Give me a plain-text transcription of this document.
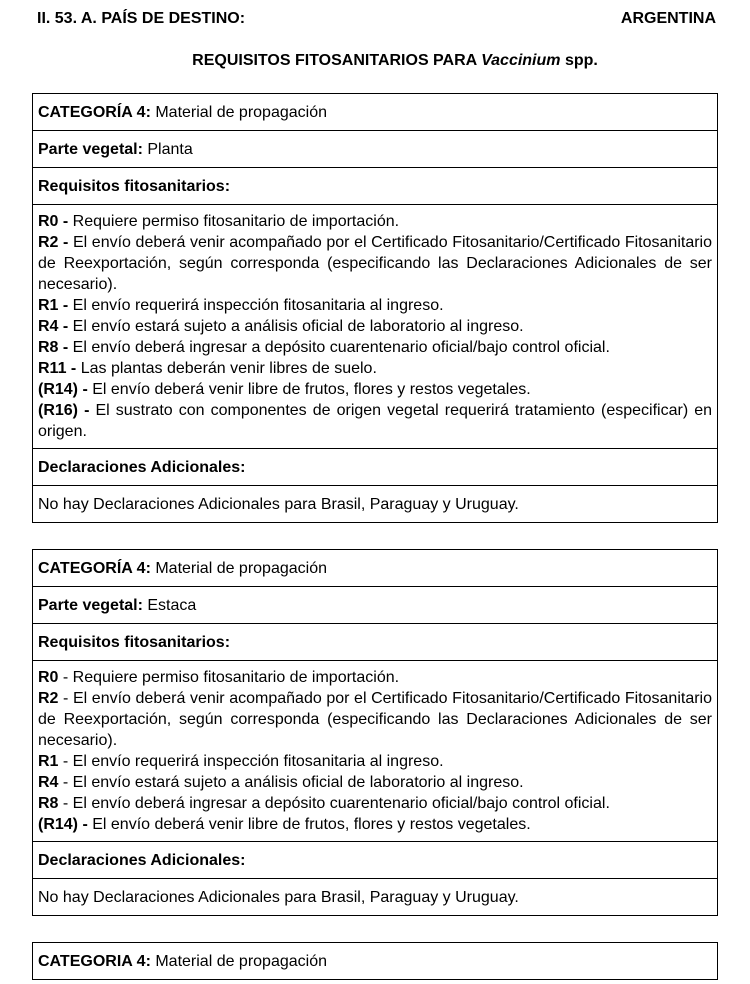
II. 53. A. PAÍS DE DESTINO:	ARGENTINA
REQUISITOS FITOSANITARIOS PARA Vaccinium spp.
CATEGORÍA 4: Material de propagación
Parte vegetal: Planta
Requisitos fitosanitarios:

R0 - Requiere permiso fitosanitario de importación.
R2 - El envío deberá venir acompañado por el Certificado Fitosanitario/Certificado Fitosanitario de Reexportación, según corresponda (especificando las Declaraciones Adicionales de ser necesario).
R1 - El envío requerirá inspección fitosanitaria al ingreso.
R4 - El envío estará sujeto a análisis oficial de laboratorio al ingreso.
R8 - El envío deberá ingresar a depósito cuarentenario oficial/bajo control oficial.
R11 - Las plantas deberán venir libres de suelo.
(R14) - El envío deberá venir libre de frutos, flores y restos vegetales.
(R16) - El sustrato con componentes de origen vegetal requerirá tratamiento (especificar) en origen.

Declaraciones Adicionales:
No hay Declaraciones Adicionales para Brasil, Paraguay y Uruguay.
CATEGORÍA 4: Material de propagación
Parte vegetal: Estaca
Requisitos fitosanitarios:

R0 - Requiere permiso fitosanitario de importación.
R2 - El envío deberá venir acompañado por el Certificado Fitosanitario/Certificado Fitosanitario de Reexportación, según corresponda (especificando las Declaraciones Adicionales de ser necesario).
R1 - El envío requerirá inspección fitosanitaria al ingreso.
R4 - El envío estará sujeto a análisis oficial de laboratorio al ingreso.
R8 - El envío deberá ingresar a depósito cuarentenario oficial/bajo control oficial.
(R14) - El envío deberá venir libre de frutos, flores y restos vegetales.

Declaraciones Adicionales:
No hay Declaraciones Adicionales para Brasil, Paraguay y Uruguay.
CATEGORIA 4: Material de propagación
